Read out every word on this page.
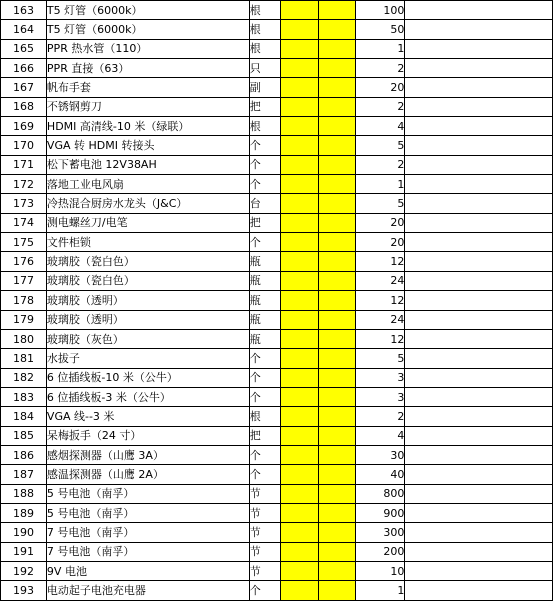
163	T5 灯管（6000k）	根			100	
164	T5 灯管（6000k）	根			50	
165	PPR 热水管（110）	根			1	
166	PPR 直接（63）	只			2	
167	帆布手套	副			20	
168	不锈钢剪刀	把			2	
169	HDMI 高清线-10 米（绿联）	根			4	
170	VGA 转 HDMI 转接头	个			5	
171	松下蓄电池 12V38AH	个			2	
172	落地工业电风扇	个			1	
173	冷热混合厨房水龙头（J&C）	台			5	
174	测电螺丝刀/电笔	把			20	
175	文件柜锁	个			20	
176	玻璃胶（瓷白色）	瓶			12	
177	玻璃胶（瓷白色）	瓶			24	
178	玻璃胶（透明）	瓶			12	
179	玻璃胶（透明）	瓶			24	
180	玻璃胶（灰色）	瓶			12	
181	水拔子	个			5	
182	6 位插线板-10 米（公牛）	个			3	
183	6 位插线板-3 米（公牛）	个			3	
184	VGA 线--3 米	根			2	
185	呆梅扳手（24 寸）	把			4	
186	感烟探测器（山鹰 3A）	个			30	
187	感温探测器（山鹰 2A）	个			40	
188	5 号电池（南孚）	节			800	
189	5 号电池（南孚）	节			900	
190	7 号电池（南孚）	节			300	
191	7 号电池（南孚）	节			200	
192	9V 电池	节			10	
193	电动起子电池充电器	个			1	
